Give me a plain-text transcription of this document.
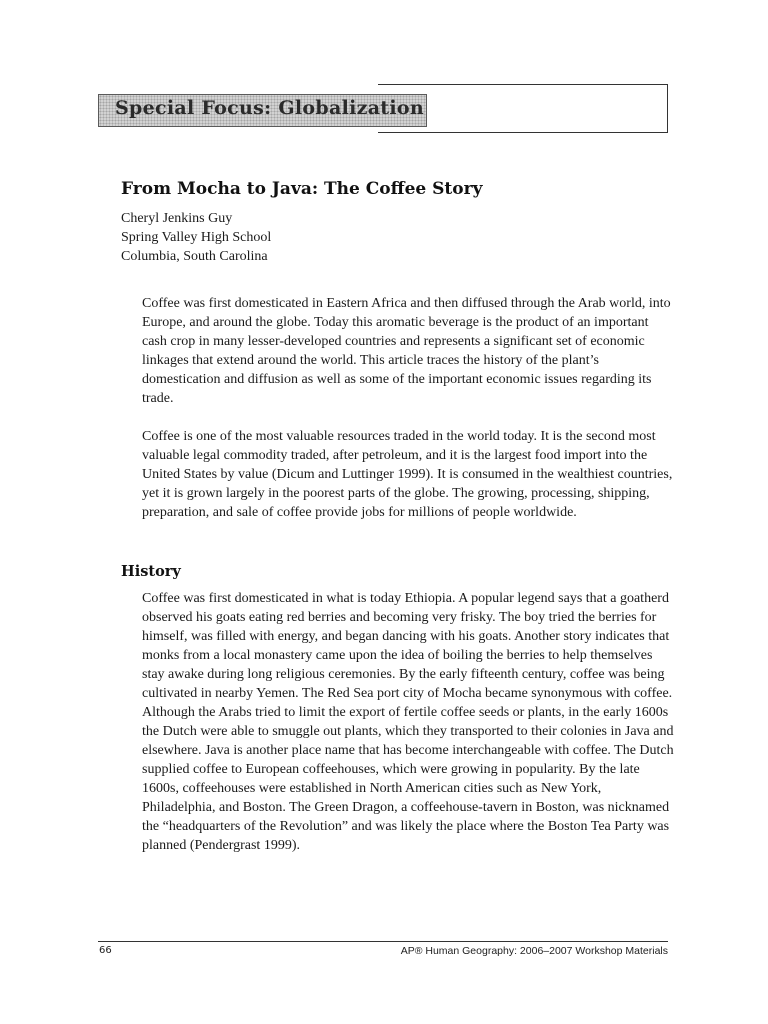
Special Focus: Globalization
From Mocha to Java: The Coffee Story
Cheryl Jenkins Guy
Spring Valley High School
Columbia, South Carolina

Coffee was first domesticated in Eastern Africa and then diffused through the Arab world, into Europe, and around the globe. Today this aromatic beverage is the product of an important cash crop in many lesser-developed countries and represents a significant set of economic linkages that extend around the world. This article traces the history of the plant’s domestication and diffusion as well as some of the important economic issues regarding its trade.

Coffee is one of the most valuable resources traded in the world today. It is the second most valuable legal commodity traded, after petroleum, and it is the largest food import into the United States by value (Dicum and Luttinger 1999). It is consumed in the wealthiest countries, yet it is grown largely in the poorest parts of the globe. The growing, processing, shipping, preparation, and sale of coffee provide jobs for millions of people worldwide.

History

Coffee was first domesticated in what is today Ethiopia. A popular legend says that a goatherd observed his goats eating red berries and becoming very frisky. The boy tried the berries for himself, was filled with energy, and began dancing with his goats. Another story indicates that monks from a local monastery came upon the idea of boiling the berries to help themselves stay awake during long religious ceremonies. By the early fifteenth century, coffee was being cultivated in nearby Yemen. The Red Sea port city of Mocha became synonymous with coffee. Although the Arabs tried to limit the export of fertile coffee seeds or plants, in the early 1600s the Dutch were able to smuggle out plants, which they transported to their colonies in Java and elsewhere. Java is another place name that has become interchangeable with coffee. The Dutch supplied coffee to European coffeehouses, which were growing in popularity. By the late 1600s, coffeehouses were established in North American cities such as New York, Philadelphia, and Boston. The Green Dragon, a coffeehouse-tavern in Boston, was nicknamed the “headquarters of the Revolution” and was likely the place where the Boston Tea Party was planned (Pendergrast 1999).

66	AP® Human Geography: 2006–2007 Workshop Materials
